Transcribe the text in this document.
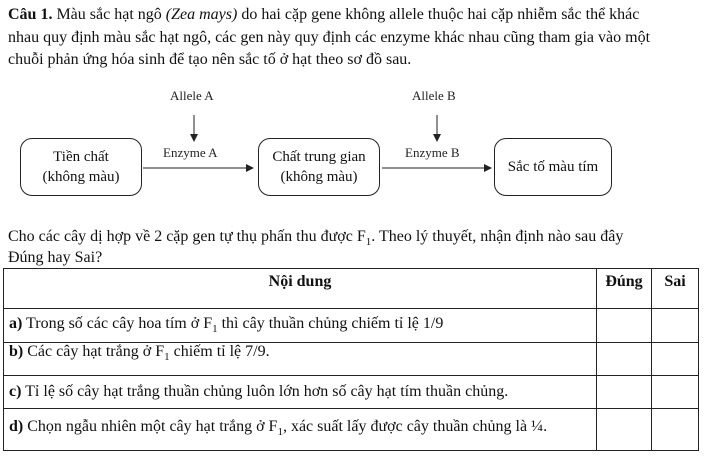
Câu 1. Màu sắc hạt ngô (Zea mays) do hai cặp gene không allele thuộc hai cặp nhiễm sắc thể khác
nhau quy định màu sắc hạt ngô, các gen này quy định các enzyme khác nhau cũng tham gia vào một
chuỗi phản ứng hóa sinh để tạo nên sắc tố ở hạt theo sơ đồ sau.
Allele A	Allele B
Enzyme A	Enzyme B
Tiền chất
(không màu)
Chất trung gian
(không màu)
Sắc tố màu tím
Cho các cây dị hợp về 2 cặp gen tự thụ phấn thu được $F_1$. Theo lý thuyết, nhận định nào sau đây
Đúng hay Sai?
Nội dung	Đúng	Sai
a) Trong số các cây hoa tím ở $F_1$ thì cây thuần chủng chiếm tỉ lệ 1/9		
b) Các cây hạt trắng ở $F_1$ chiếm tỉ lệ 7/9.		
c) Tỉ lệ số cây hạt trắng thuần chủng luôn lớn hơn số cây hạt tím thuần chủng.		
d) Chọn ngẫu nhiên một cây hạt trắng ở $F_1$, xác suất lấy được cây thuần chủng là ¼.		
